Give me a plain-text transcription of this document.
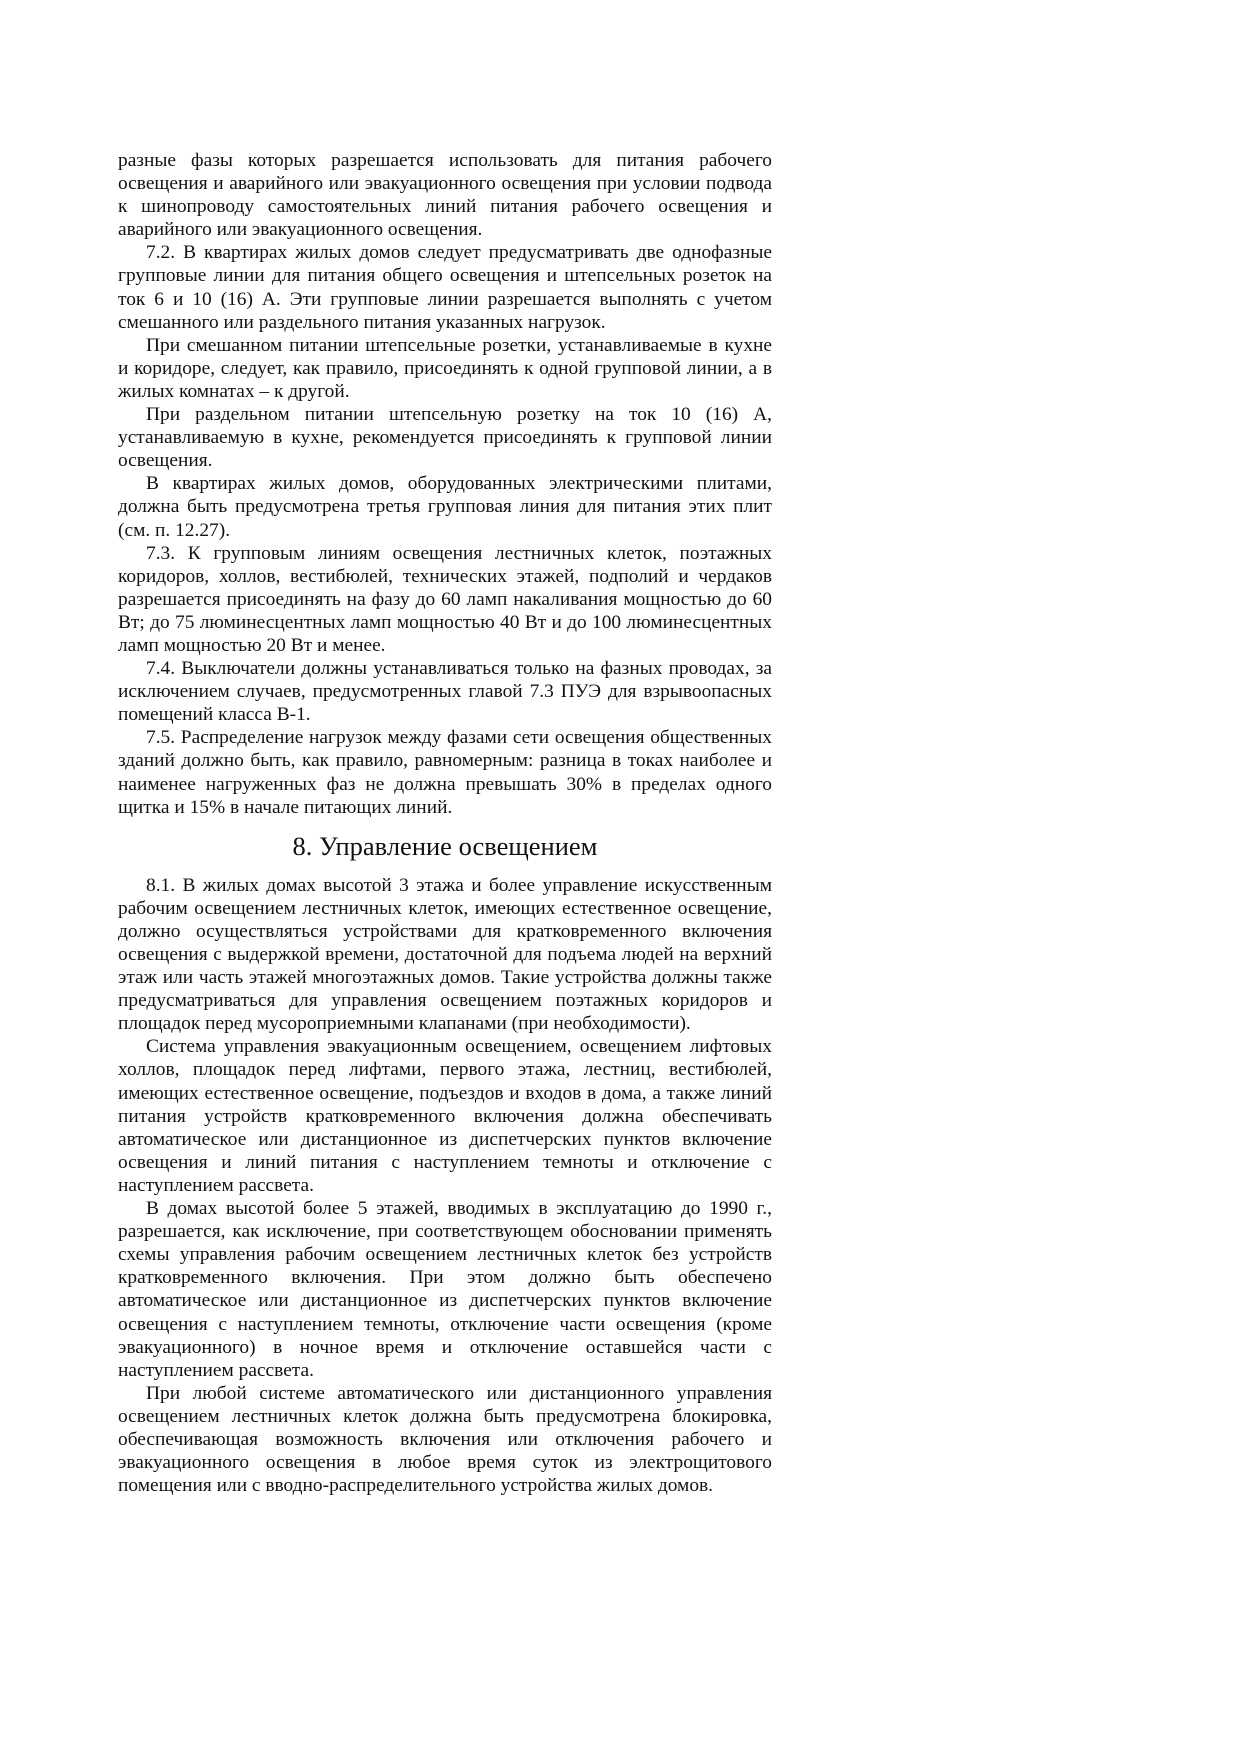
разные фазы которых разрешается использовать для питания рабочего освещения и аварийного или эвакуационного освещения при условии подвода к шинопроводу самостоятельных линий питания рабочего освещения и аварийного или эвакуационного освещения.

7.2. В квартирах жилых домов следует предусматривать две однофазные групповые линии для питания общего освещения и штепсельных розеток на ток 6 и 10 (16) А. Эти групповые линии разрешается выполнять с учетом смешанного или раздельного питания указанных нагрузок.

При смешанном питании штепсельные розетки, устанавливаемые в кухне и коридоре, следует, как правило, присоединять к одной групповой линии, а в жилых комнатах – к другой.

При раздельном питании штепсельную розетку на ток 10 (16) А, устанавливаемую в кухне, рекомендуется присоединять к групповой линии освещения.

В квартирах жилых домов, оборудованных электрическими плитами, должна быть предусмотрена третья групповая линия для питания этих плит (см. п. 12.27).

7.3. К групповым линиям освещения лестничных клеток, поэтажных коридоров, холлов, вестибюлей, технических этажей, подполий и чердаков разрешается присоединять на фазу до 60 ламп накаливания мощностью до 60 Вт; до 75 люминесцентных ламп мощностью 40 Вт и до 100 люминесцентных ламп мощностью 20 Вт и менее.

7.4. Выключатели должны устанавливаться только на фазных проводах, за исключением случаев, предусмотренных главой 7.3 ПУЭ для взрывоопасных помещений класса В-1.

7.5. Распределение нагрузок между фазами сети освещения общественных зданий должно быть, как правило, равномерным: разница в токах наиболее и наименее нагруженных фаз не должна превышать 30% в пределах одного щитка и 15% в начале питающих линий.

8. Управление освещением

8.1. В жилых домах высотой 3 этажа и более управление искусственным рабочим освещением лестничных клеток, имеющих естественное освещение, должно осуществляться устройствами для кратковременного включения освещения с выдержкой времени, достаточной для подъема людей на верхний этаж или часть этажей многоэтажных домов. Такие устройства должны также предусматриваться для управления освещением поэтажных коридоров и площадок перед мусороприемными клапанами (при необходимости).

Система управления эвакуационным освещением, освещением лифтовых холлов, площадок перед лифтами, первого этажа, лестниц, вестибюлей, имеющих естественное освещение, подъездов и входов в дома, а также линий питания устройств кратковременного включения должна обеспечивать автоматическое или дистанционное из диспетчерских пунктов включение освещения и линий питания с наступлением темноты и отключение с наступлением рассвета.

В домах высотой более 5 этажей, вводимых в эксплуатацию до 1990 г., разрешается, как исключение, при соответствующем обосновании применять схемы управления рабочим освещением лестничных клеток без устройств кратковременного включения. При этом должно быть обеспечено автоматическое или дистанционное из диспетчерских пунктов включение освещения с наступлением темноты, отключение части освещения (кроме эвакуационного) в ночное время и отключение оставшейся части с наступлением рассвета.

При любой системе автоматического или дистанционного управления освещением лестничных клеток должна быть предусмотрена блокировка, обеспечивающая возможность включения или отключения рабочего и эвакуационного освещения в любое время суток из электрощитового помещения или с вводно-распределительного устройства жилых домов.
